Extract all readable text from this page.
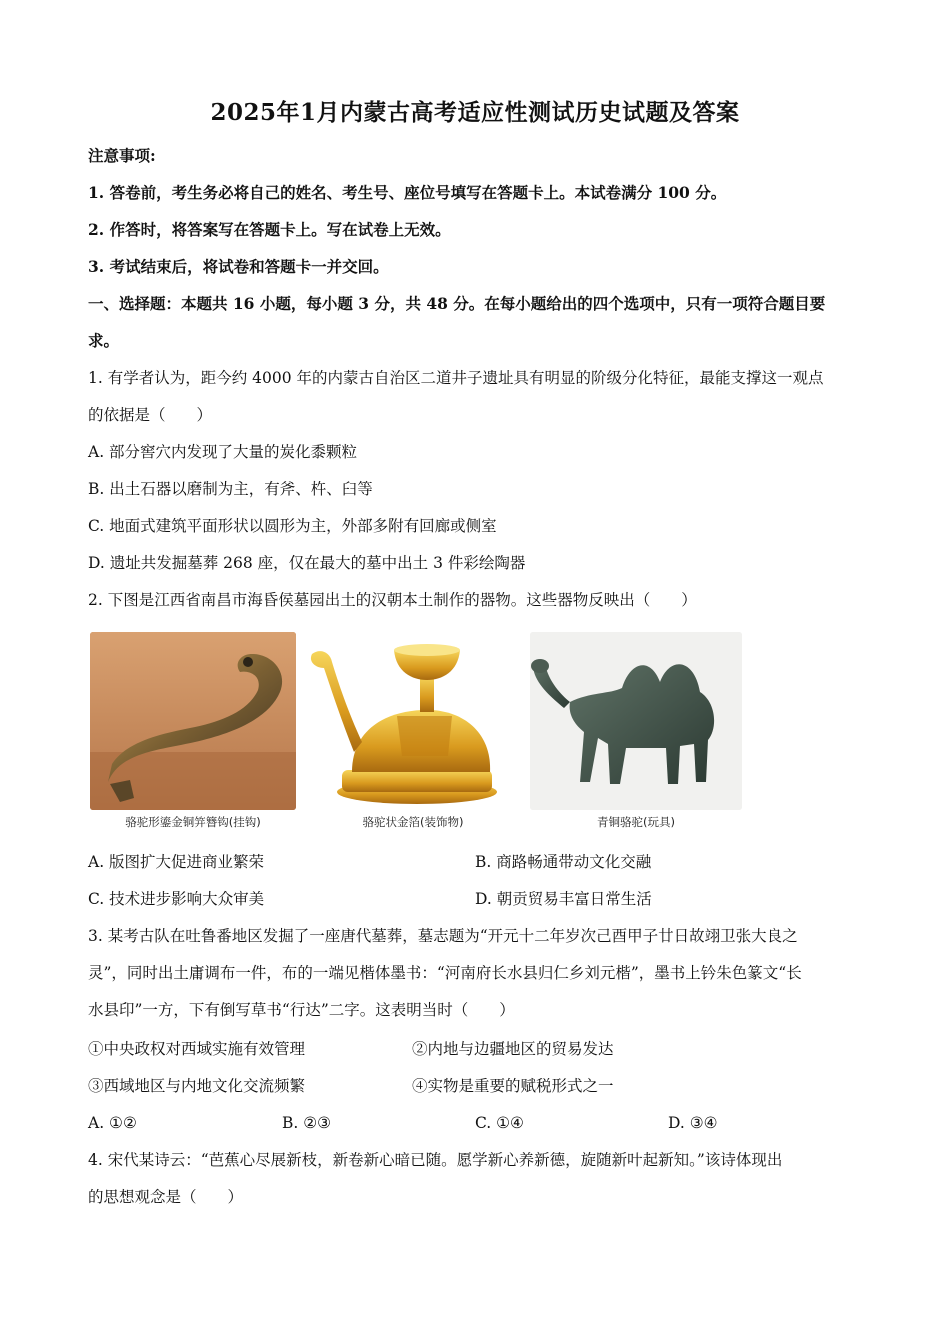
2025年1月内蒙古高考适应性测试历史试题及答案
注意事项:
1. 答卷前，考生务必将自己的姓名、考生号、座位号填写在答题卡上。本试卷满分 100 分。
2. 作答时，将答案写在答题卡上。写在试卷上无效。
3. 考试结束后，将试卷和答题卡一并交回。
一、选择题：本题共 16 小题，每小题 3 分，共 48 分。在每小题给出的四个选项中，只有一项符合题目要
求。
1. 有学者认为，距今约 4000 年的内蒙古自治区二道井子遗址具有明显的阶级分化特征，最能支撑这一观点
的依据是（　　）
A. 部分窖穴内发现了大量的炭化黍颗粒
B. 出土石器以磨制为主，有斧、杵、臼等
C. 地面式建筑平面形状以圆形为主，外部多附有回廊或侧室
D. 遗址共发掘墓葬 268 座，仅在最大的墓中出土 3 件彩绘陶器
2. 下图是江西省南昌市海昏侯墓园出土的汉朝本土制作的器物。这些器物反映出（　　）
骆驼形鎏金铜笄簪钩(挂钩)	骆驼状金箔(装饰物)	青铜骆驼(玩具)
A. 版图扩大促进商业繁荣	B. 商路畅通带动文化交融
C. 技术进步影响大众审美	D. 朝贡贸易丰富日常生活
3. 某考古队在吐鲁番地区发掘了一座唐代墓葬，墓志题为“开元十二年岁次己酉甲子廿日故翊卫张大良之
灵”，同时出土庸调布一件，布的一端见楷体墨书：“河南府长水县归仁乡刘元楷”，墨书上钤朱色篆文“长
水县印”一方，下有倒写草书“行达”二字。这表明当时（　　）
①中央政权对西域实施有效管理	②内地与边疆地区的贸易发达
③西域地区与内地文化交流频繁	④实物是重要的赋税形式之一
A. ①②	B. ②③	C. ①④	D. ③④
4. 宋代某诗云：“芭蕉心尽展新枝，新卷新心暗已随。愿学新心养新德，旋随新叶起新知。”该诗体现出
的思想观念是（　　）
